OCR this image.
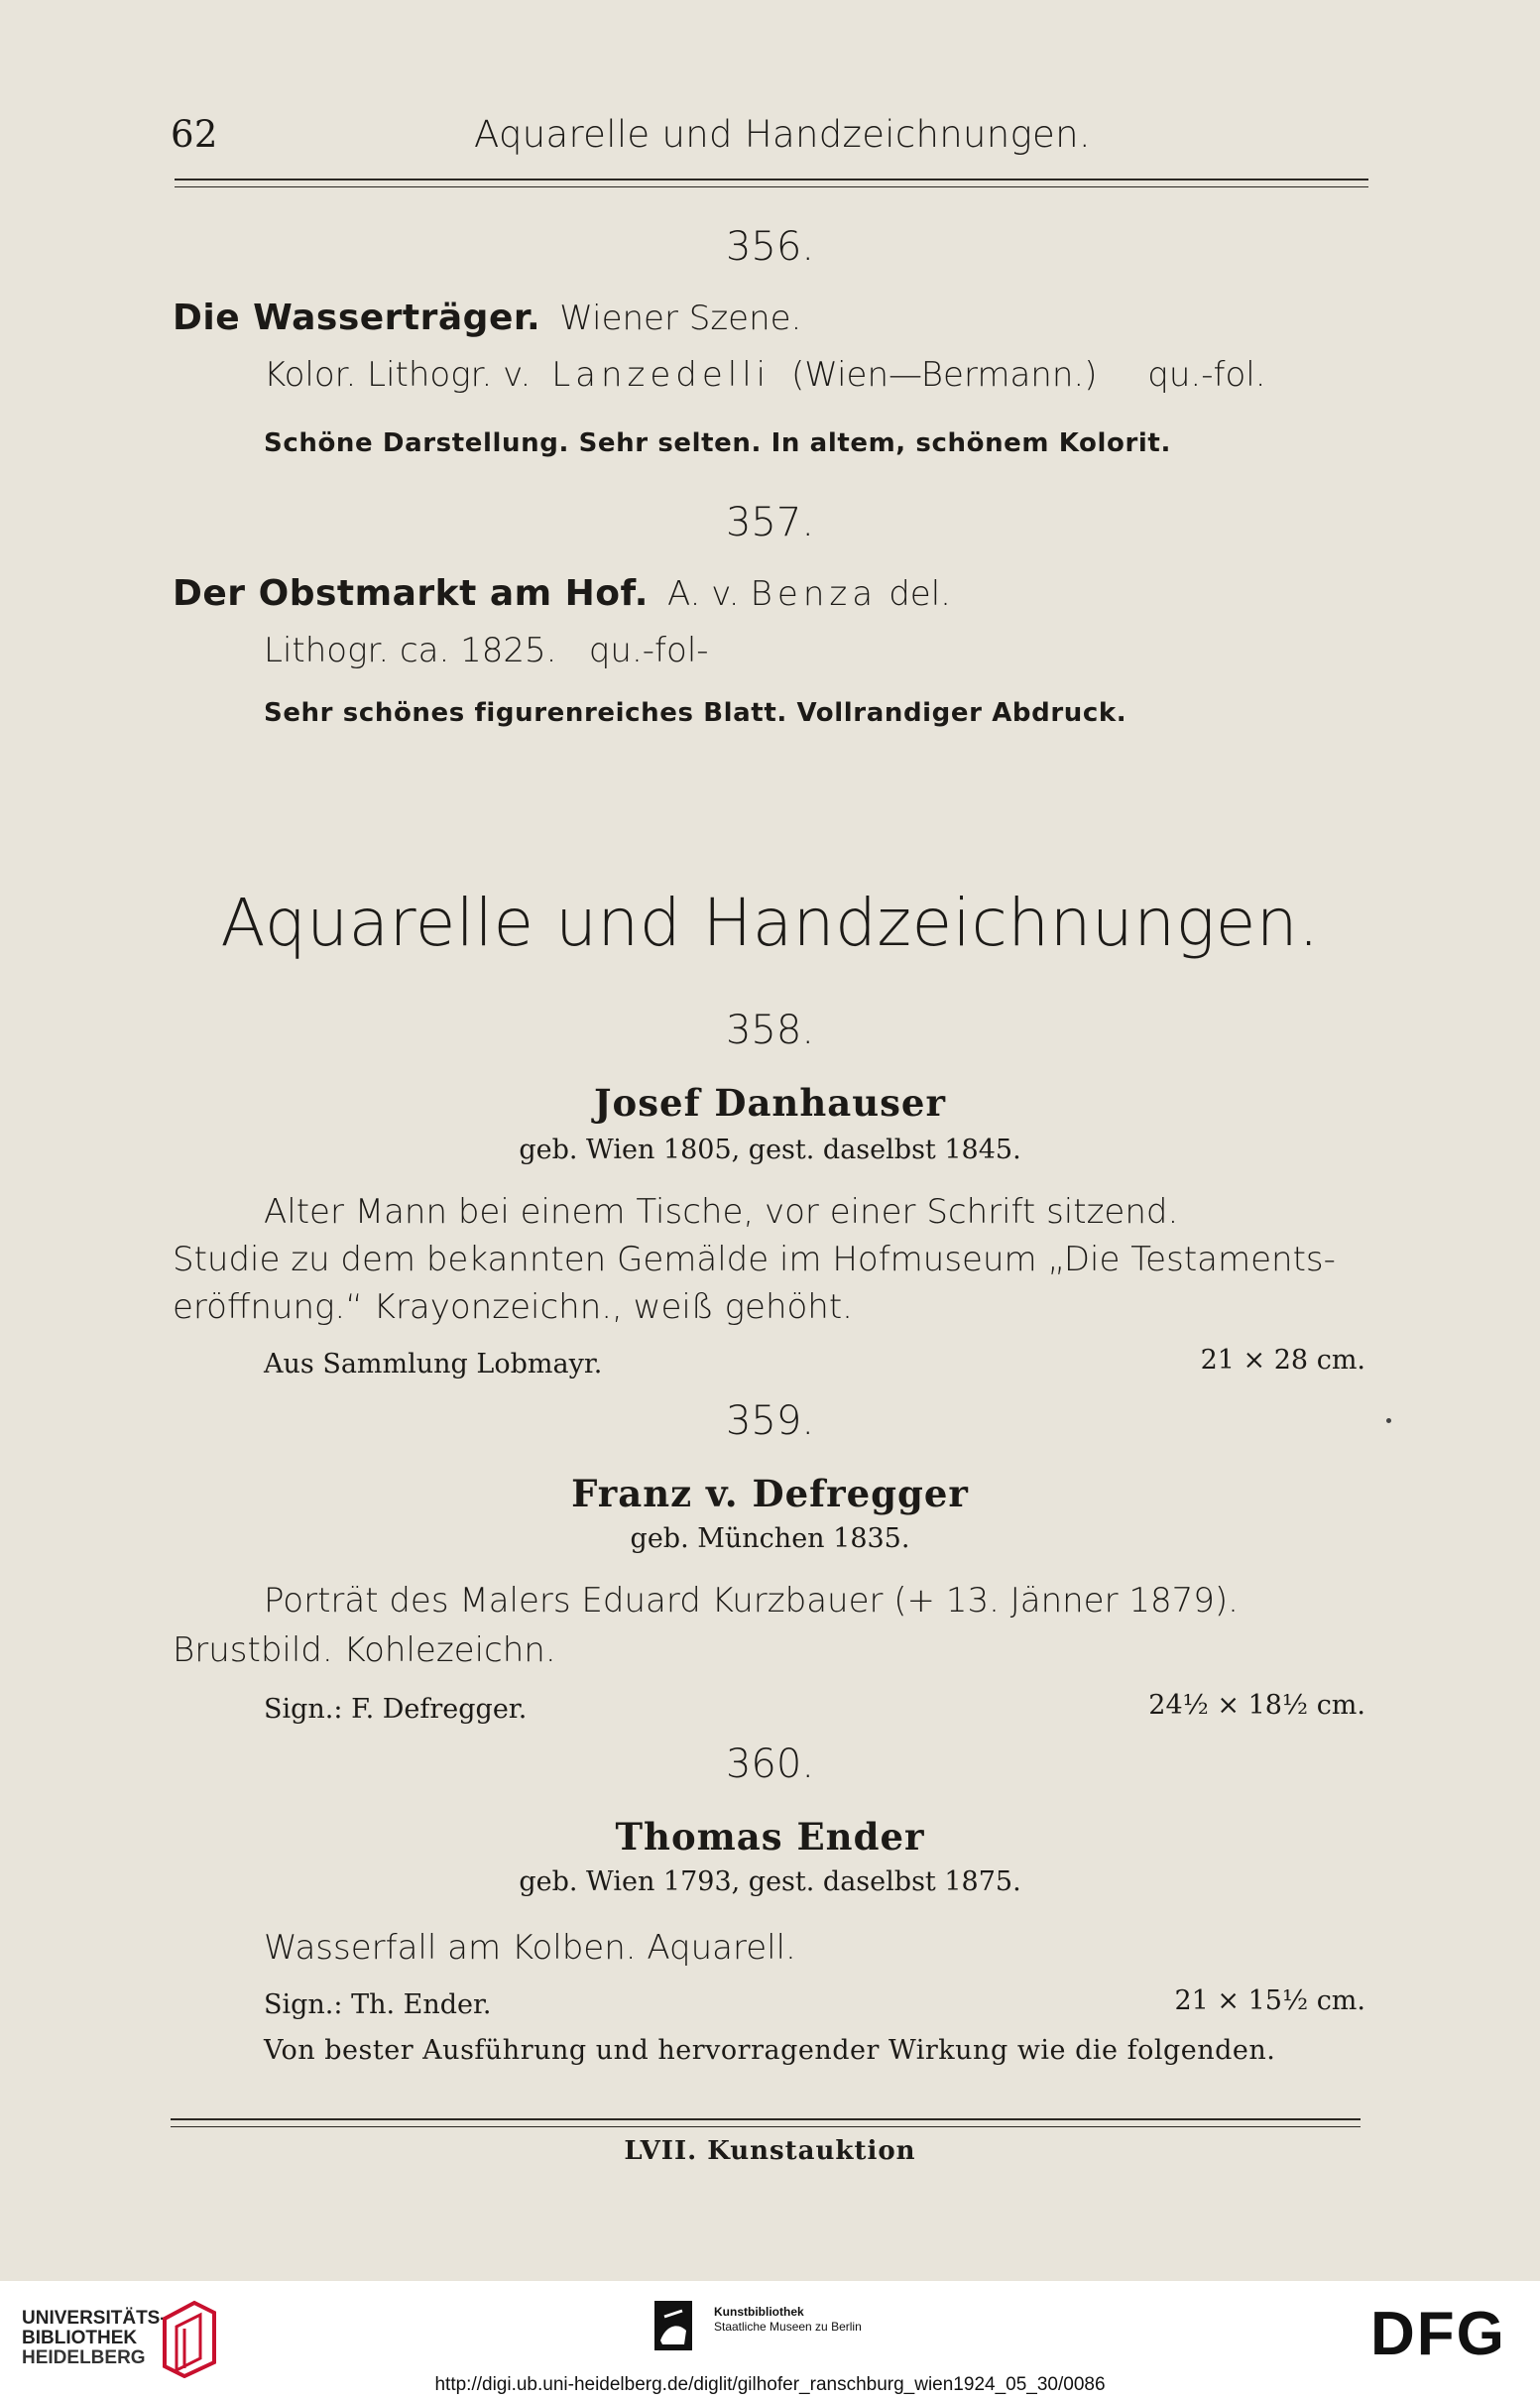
62	Aquarelle und Handzeichnungen.
356.
Die Wasserträger. Wiener Szene.
Kolor. Lithogr. v. Lanzedelli (Wien—Bermann.) qu.-fol.
Schöne Darstellung. Sehr selten. In altem, schönem Kolorit.
357.
Der Obstmarkt am Hof. A. v. Benza del.
Lithogr. ca. 1825.   qu.-fol-
Sehr schönes figurenreiches Blatt. Vollrandiger Abdruck.
Aquarelle und Handzeichnungen.
358.
Josef Danhauser
geb. Wien 1805, gest. daselbst 1845.
Alter Mann bei einem Tische, vor einer Schrift sitzend.
Studie zu dem bekannten Gemälde im Hofmuseum „Die Testaments-
eröffnung.“ Krayonzeichn., weiß gehöht.
Aus Sammlung Lobmayr.	21 × 28 cm.
359.
Franz v. Defregger
geb. München 1835.
Porträt des Malers Eduard Kurzbauer (+ 13. Jänner 1879).
Brustbild. Kohlezeichn.
Sign.: F. Defregger.	24½ × 18½ cm.
360.
Thomas Ender
geb. Wien 1793, gest. daselbst 1875.
Wasserfall am Kolben. Aquarell.
Sign.: Th. Ender.	21 × 15½ cm.
Von bester Ausführung und hervorragender Wirkung wie die folgenden.
LVII. Kunstauktion
UNIVERSITÄTS-
BIBLIOTHEK
HEIDELBERG
Kunstbibliothek
Staatliche Museen zu Berlin	DFG
http://digi.ub.uni-heidelberg.de/diglit/gilhofer_ranschburg_wien1924_05_30/0086
